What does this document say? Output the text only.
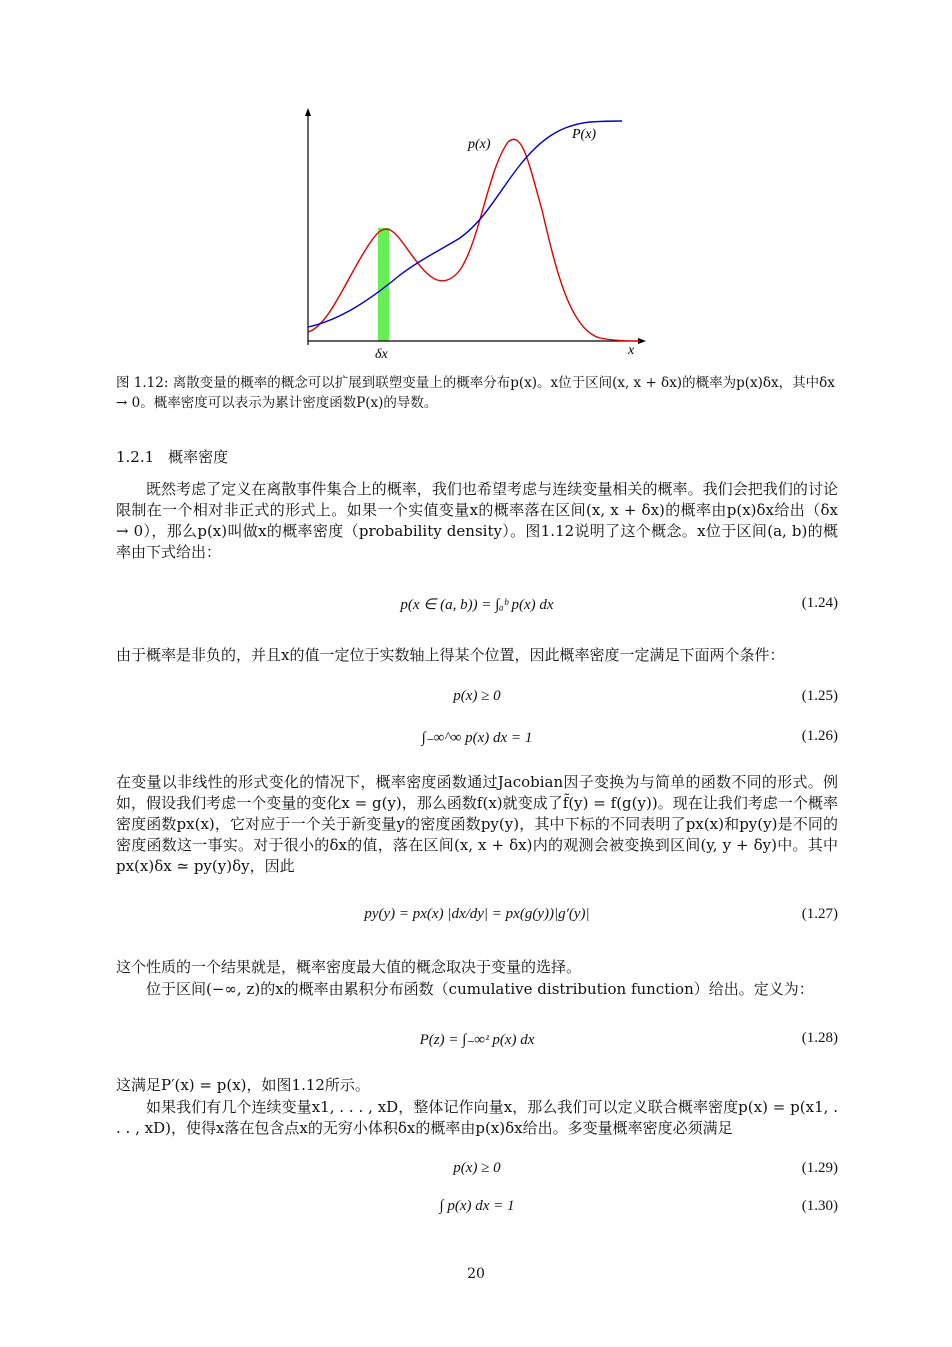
p(x)
P(x)
δx	x
图 1.12: 离散变量的概率的概念可以扩展到联塑变量上的概率分布p(x)。x位于区间(x, x + δx)的概率为p(x)δx，其中δx → 0。概率密度可以表示为累计密度函数P(x)的导数。
1.2.1 概率密度
既然考虑了定义在离散事件集合上的概率，我们也希望考虑与连续变量相关的概率。我们会把我们的讨论限制在一个相对非正式的形式上。如果一个实值变量x的概率落在区间(x, x + δx)的概率由p(x)δx给出（δx → 0），那么p(x)叫做x的概率密度（probability density）。图1.12说明了这个概念。x位于区间(a, b)的概率由下式给出：
p(x ∈ (a, b)) = ∫ₐᵇ p(x) dx	(1.24)
由于概率是非负的，并且x的值一定位于实数轴上得某个位置，因此概率密度一定满足下面两个条件：
p(x) ≥ 0	(1.25)
∫₋∞^∞ p(x) dx = 1	(1.26)
在变量以非线性的形式变化的情况下，概率密度函数通过Jacobian因子变换为与简单的函数不同的形式。例如，假设我们考虑一个变量的变化x = g(y)，那么函数f(x)就变成了f̃(y) = f(g(y))。现在让我们考虑一个概率密度函数px(x)，它对应于一个关于新变量y的密度函数py(y)，其中下标的不同表明了px(x)和py(y)是不同的密度函数这一事实。对于很小的δx的值，落在区间(x, x + δx)内的观测会被变换到区间(y, y + δy)中。其中px(x)δx ≃ py(y)δy，因此
py(y) = px(x) |dx/dy| = px(g(y))|g′(y)|	(1.27)
这个性质的一个结果就是，概率密度最大值的概念取决于变量的选择。
位于区间(−∞, z)的x的概率由累积分布函数（cumulative distribution function）给出。定义为：
P(z) = ∫₋∞ᶻ p(x) dx	(1.28)
这满足P′(x) = p(x)，如图1.12所示。
如果我们有几个连续变量x1, . . . , xD，整体记作向量x，那么我们可以定义联合概率密度p(x) = p(x1, . . . , xD)，使得x落在包含点x的无穷小体积δx的概率由p(x)δx给出。多变量概率密度必须满足
p(x) ≥ 0	(1.29)
∫ p(x) dx = 1	(1.30)
20
